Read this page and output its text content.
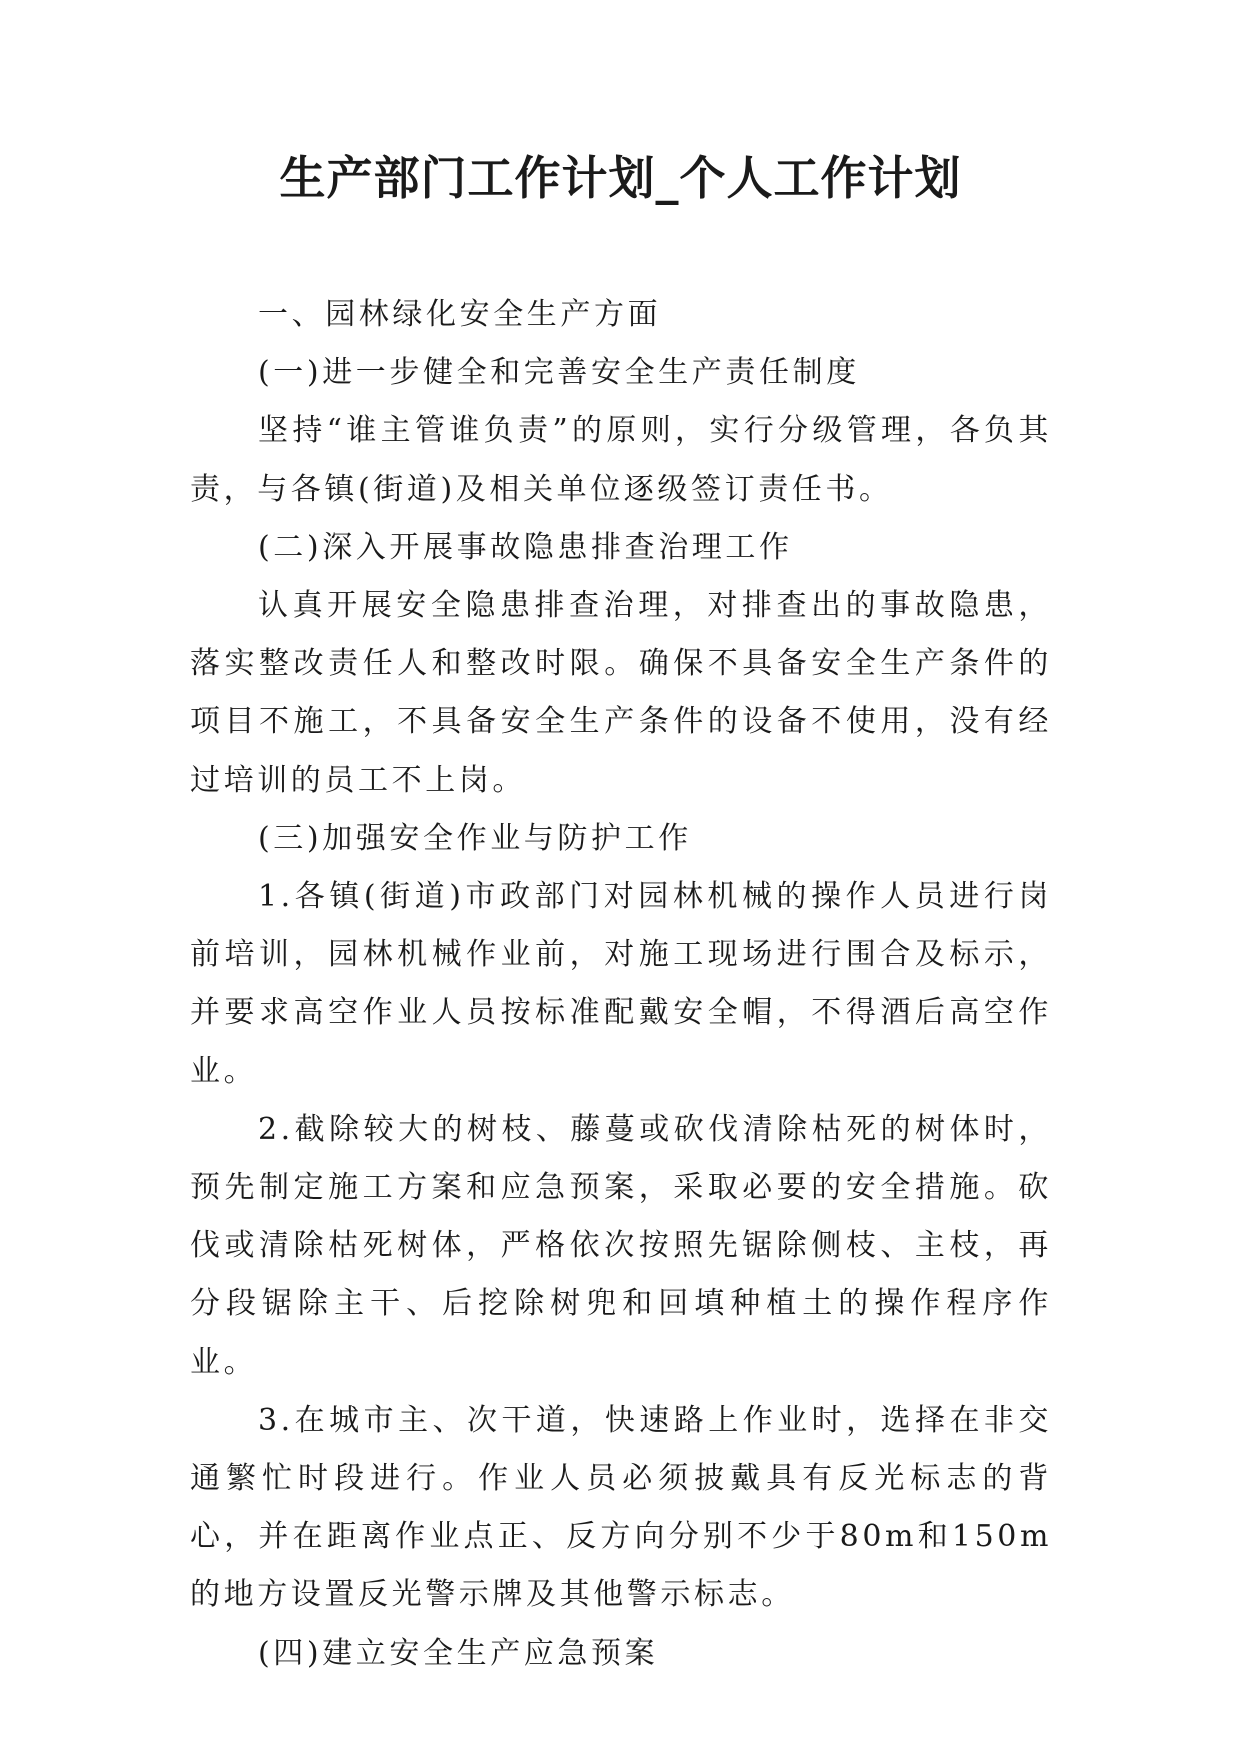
生产部门工作计划_个人工作计划

一、园林绿化安全生产方面

(一)进一步健全和完善安全生产责任制度

坚持“谁主管谁负责”的原则，实行分级管理，各负其责，与各镇(街道)及相关单位逐级签订责任书。

(二)深入开展事故隐患排查治理工作

认真开展安全隐患排查治理，对排查出的事故隐患，落实整改责任人和整改时限。确保不具备安全生产条件的项目不施工，不具备安全生产条件的设备不使用，没有经过培训的员工不上岗。

(三)加强安全作业与防护工作

1.各镇(街道)市政部门对园林机械的操作人员进行岗前培训，园林机械作业前，对施工现场进行围合及标示，并要求高空作业人员按标准配戴安全帽，不得酒后高空作业。

2.截除较大的树枝、藤蔓或砍伐清除枯死的树体时，预先制定施工方案和应急预案，采取必要的安全措施。砍伐或清除枯死树体，严格依次按照先锯除侧枝、主枝，再分段锯除主干、后挖除树兜和回填种植土的操作程序作业。

3.在城市主、次干道，快速路上作业时，选择在非交通繁忙时段进行。作业人员必须披戴具有反光标志的背心，并在距离作业点正、反方向分别不少于80m和150m的地方设置反光警示牌及其他警示标志。

(四)建立安全生产应急预案
